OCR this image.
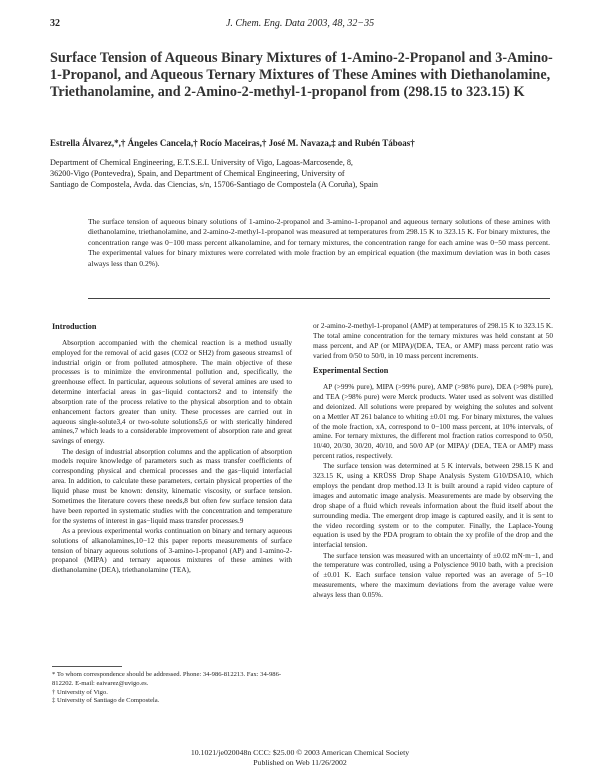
32	J. Chem. Eng. Data 2003, 48, 32−35
Surface Tension of Aqueous Binary Mixtures of 1-Amino-2-Propanol and 3-Amino-1-Propanol, and Aqueous Ternary Mixtures of These Amines with Diethanolamine, Triethanolamine, and 2-Amino-2-methyl-1-propanol from (298.15 to 323.15) K
Estrella Álvarez,*,† Ángeles Cancela,† Rocío Maceiras,† José M. Navaza,‡ and Rubén Táboas†
Department of Chemical Engineering, E.T.S.E.I. University of Vigo, Lagoas-Marcosende, 8,
36200-Vigo (Pontevedra), Spain, and Department of Chemical Engineering, University of
Santiago de Compostela, Avda. das Ciencias, s/n, 15706-Santiago de Compostela (A Coruña), Spain

The surface tension of aqueous binary solutions of 1-amino-2-propanol and 3-amino-1-propanol and aqueous ternary solutions of these amines with diethanolamine, triethanolamine, and 2-amino-2-methyl-1-propanol was measured at temperatures from 298.15 K to 323.15 K. For binary mixtures, the concentration range was 0−100 mass percent alkanolamine, and for ternary mixtures, the concentration range for each amine was 0−50 mass percent. The experimental values for binary mixtures were correlated with mole fraction by an empirical equation (the maximum deviation was in both cases always less than 0.2%).

Introduction

Absorption accompanied with the chemical reaction is a method usually employed for the removal of acid gases (CO2 or SH2) from gaseous streams1 of industrial origin or from polluted atmosphere. The main objective of these processes is to minimize the environmental pollution and, specifically, the greenhouse effect. In particular, aqueous solutions of several amines are used to determine interfacial areas in gas−liquid contactors2 and to intensify the absorption rate of the process relative to the physical absorption and to obtain enhancement factors greater than unity. These processes are carried out in aqueous single-solute3,4 or two-solute solutions5,6 or with sterically hindered amines,7 which leads to a considerable improvement of absorption rate and great savings of energy.

The design of industrial absorption columns and the application of absorption models require knowledge of parameters such as mass transfer coefficients of corresponding physical and chemical processes and the gas−liquid interfacial area. In addition, to calculate these parameters, certain physical properties of the liquid phase must be known: density, kinematic viscosity, or surface tension. Sometimes the literature covers these needs,8 but often few surface tension data have been reported in systematic studies with the concentration and temperature for the systems of interest in gas−liquid mass transfer processes.9

As a previous experimental works continuation on binary and ternary aqueous solutions of alkanolamines,10−12 this paper reports measurements of surface tension of binary aqueous solutions of 3-amino-1-propanol (AP) and 1-amino-2-propanol (MIPA) and ternary aqueous mixtures of these amines with diethanolamine (DEA), triethanolamine (TEA),

* To whom correspondence should be addressed. Phone: 34-986-812213. Fax: 34-986-812202. E-mail: eaivarez@uvigo.es.
† University of Vigo.
‡ University of Santiago de Compostela.

or 2-amino-2-methyl-1-propanol (AMP) at temperatures of 298.15 K to 323.15 K. The total amine concentration for the ternary mixtures was held constant at 50 mass percent, and AP (or MIPA)/(DEA, TEA, or AMP) mass percent ratio was varied from 0/50 to 50/0, in 10 mass percent increments.

Experimental Section

AP (>99% pure), MIPA (>99% pure), AMP (>98% pure), DEA (>98% pure), and TEA (>98% pure) were Merck products. Water used as solvent was distilled and deionized. All solutions were prepared by weighing the solutes and solvent on a Mettler AT 261 balance to whiting ±0.01 mg. For binary mixtures, the values of the mole fraction, xA, correspond to 0−100 mass percent, at 10% intervals, of amine. For ternary mixtures, the different mol fraction ratios correspond to 0/50, 10/40, 20/30, 30/20, 40/10, and 50/0 AP (or MIPA)/ (DEA, TEA or AMP) mass percent ratios, respectively.

The surface tension was determined at 5 K intervals, between 298.15 K and 323.15 K, using a KRÜSS Drop Shape Analysis System G10/DSA10, which employs the pendant drop method.13 It is built around a rapid video capture of images and automatic image analysis. Measurements are made by observing the drop shape of a fluid which reveals information about the fluid itself about the surrounding media. The emergent drop image is captured easily, and it is sent to the video recording system or to the computer. Finally, the Laplace-Young equation is used by the PDA program to obtain the xy profile of the drop and the interfacial tension.

The surface tension was measured with an uncertainty of ±0.02 mN·m−1, and the temperature was controlled, using a Polyscience 9010 bath, with a precision of ±0.01 K. Each surface tension value reported was an average of 5−10 measurements, where the maximum deviations from the average value were always less than 0.05%.

10.1021/je020048n CCC: $25.00 © 2003 American Chemical Society
Published on Web 11/26/2002
